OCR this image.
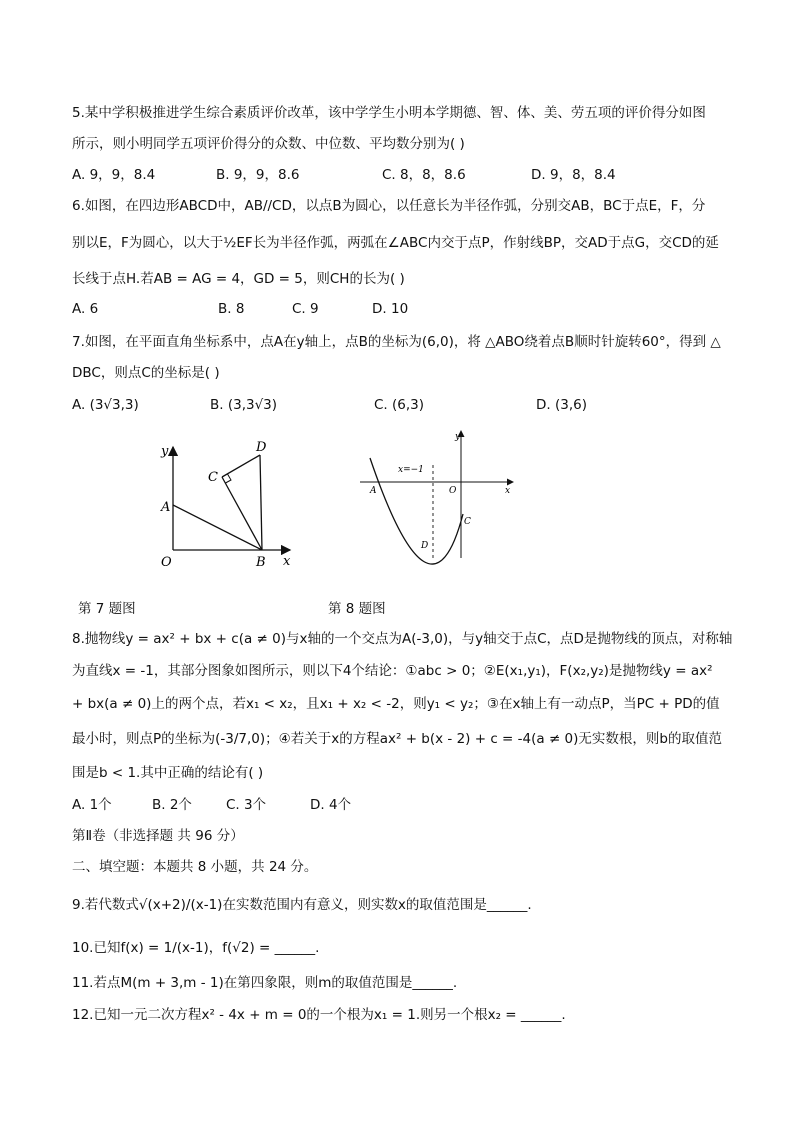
5.某中学积极推进学生综合素质评价改革，该中学学生小明本学期德、智、体、美、劳五项的评价得分如图
所示，则小明同学五项评价得分的众数、中位数、平均数分别为( )
A. 9，9，8.4	B. 9，9，8.6	C. 8，8，8.6	D. 9，8，8.4
6.如图，在四边形ABCD中，AB//CD，以点B为圆心，以任意长为半径作弧，分别交AB，BC于点E，F，分
别以E，F为圆心，以大于½EF长为半径作弧，两弧在∠ABC内交于点P，作射线BP，交AD于点G，交CD的延
长线于点H.若AB = AG = 4，GD = 5，则CH的长为( )
A. 6	B. 8	C. 9	D. 10
7.如图，在平面直角坐标系中，点A在y轴上，点B的坐标为(6,0)，将 △ABO绕着点B顺时针旋转60°，得到 △
DBC，则点C的坐标是( )
A. (3√3,3)	B. (3,3√3)	C. (6,3)	D. (3,6)
y
x
O
A
B
C
D
y
x
O
A
C
D
x=−1
第 7 题图	第 8 题图
8.抛物线y = ax² + bx + c(a ≠ 0)与x轴的一个交点为A(-3,0)，与y轴交于点C，点D是抛物线的顶点，对称轴
为直线x = -1，其部分图象如图所示，则以下4个结论：①abc > 0；②E(x₁,y₁)，F(x₂,y₂)是抛物线y = ax²
+ bx(a ≠ 0)上的两个点，若x₁ < x₂，且x₁ + x₂ < -2，则y₁ < y₂；③在x轴上有一动点P，当PC + PD的值
最小时，则点P的坐标为(-3/7,0)；④若关于x的方程ax² + b(x - 2) + c = -4(a ≠ 0)无实数根，则b的取值范
围是b < 1.其中正确的结论有( )
A. 1个	B. 2个	C. 3个	D. 4个
第Ⅱ卷（非选择题 共 96 分）
二、填空题：本题共 8 小题，共 24 分。
9.若代数式√(x+2)/(x-1)在实数范围内有意义，则实数x的取值范围是______.
10.已知f(x) = 1/(x-1)，f(√2) = ______.
11.若点M(m + 3,m - 1)在第四象限，则m的取值范围是______.
12.已知一元二次方程x² - 4x + m = 0的一个根为x₁ = 1.则另一个根x₂ = ______.
